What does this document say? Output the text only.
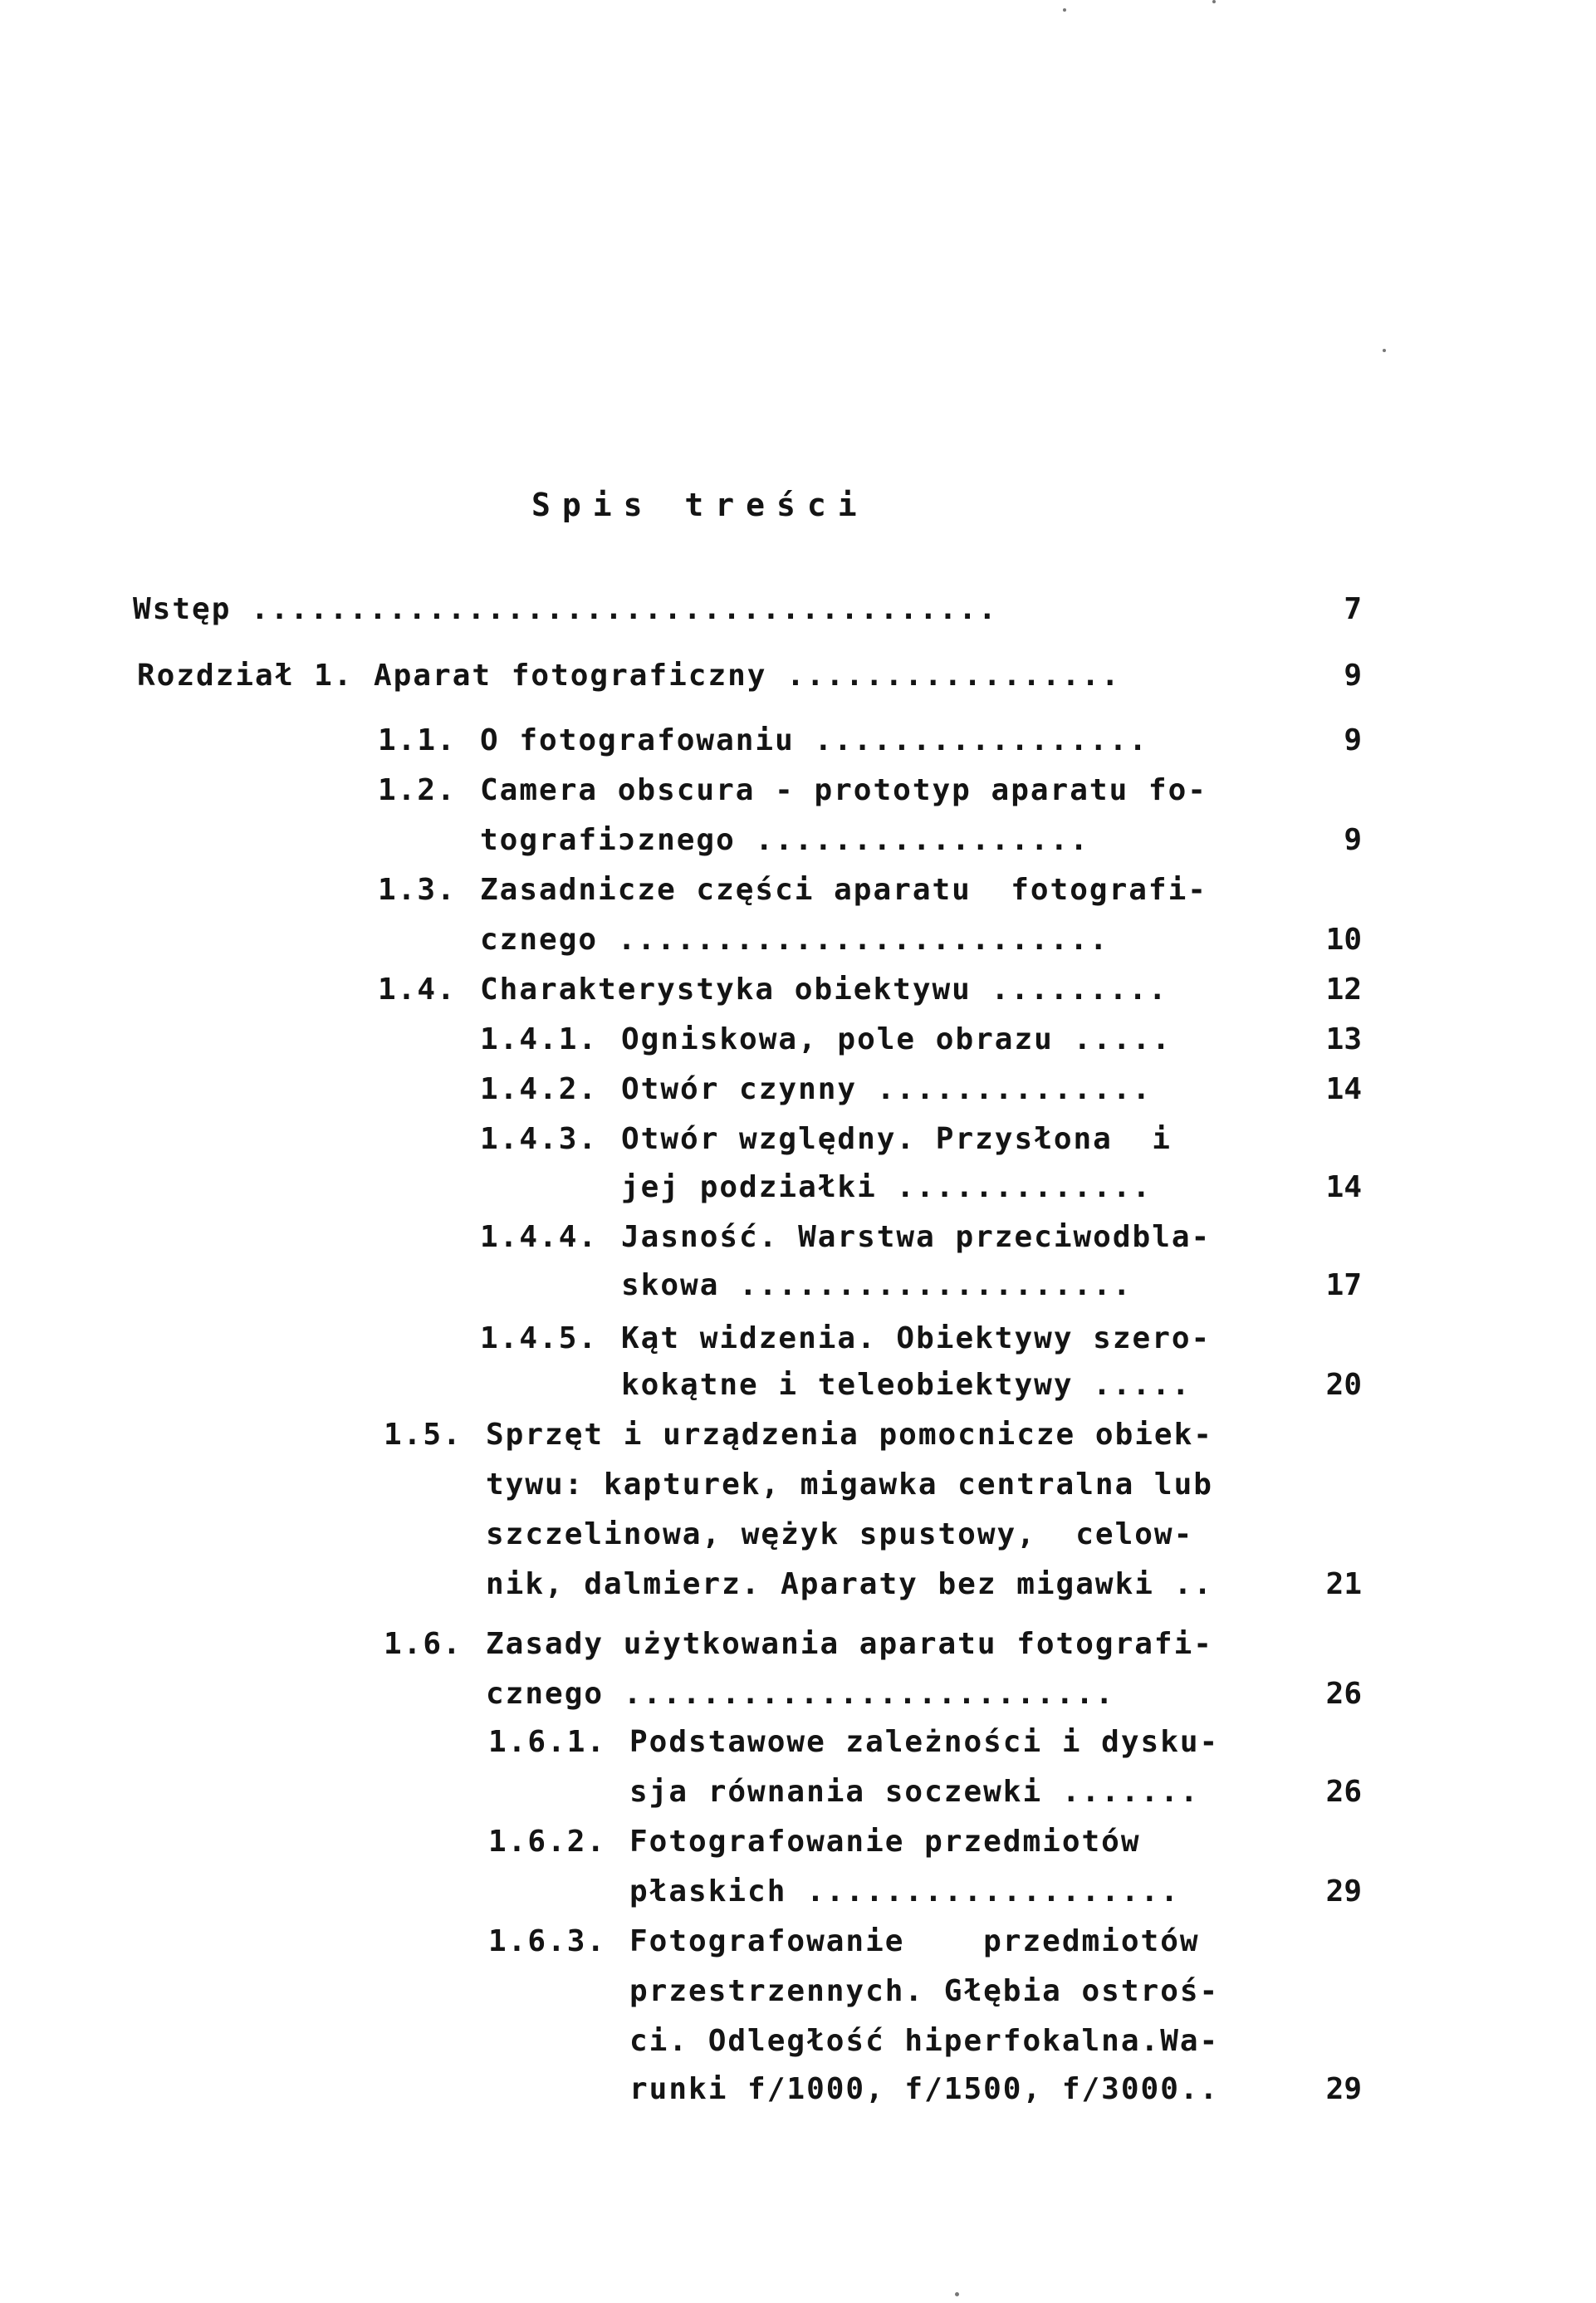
Spis treści
Wstęp ......................................	7
Rozdział 1. Aparat fotograficzny .................	9
1.1. O fotografowaniu .................	9
1.2. Camera obscura - prototyp aparatu fo-
tografiɔznego .................	9
1.3. Zasadnicze części aparatu  fotografi-
cznego .........................	10
1.4. Charakterystyka obiektywu .........	12
1.4.1. Ogniskowa, pole obrazu .....	13
1.4.2. Otwór czynny ..............	14
1.4.3. Otwór względny. Przysłona  i
jej podziałki .............	14
1.4.4. Jasność. Warstwa przeciwodbla-
skowa ....................	17
1.4.5. Kąt widzenia. Obiektywy szero-
kokątne i teleobiektywy .....	20
1.5. Sprzęt i urządzenia pomocnicze obiek-
tywu: kapturek, migawka centralna lub
szczelinowa, wężyk spustowy,  celow-
nik, dalmierz. Aparaty bez migawki ..	21
1.6. Zasady użytkowania aparatu fotografi-
cznego .........................	26
1.6.1. Podstawowe zależności i dysku-
sja równania soczewki .......	26
1.6.2. Fotografowanie przedmiotów
płaskich ...................	29
1.6.3. Fotografowanie    przedmiotów
przestrzennych. Głębia ostroś-
ci. Odległość hiperfokalna.Wa-
runki f/1000, f/1500, f/3000..	29
